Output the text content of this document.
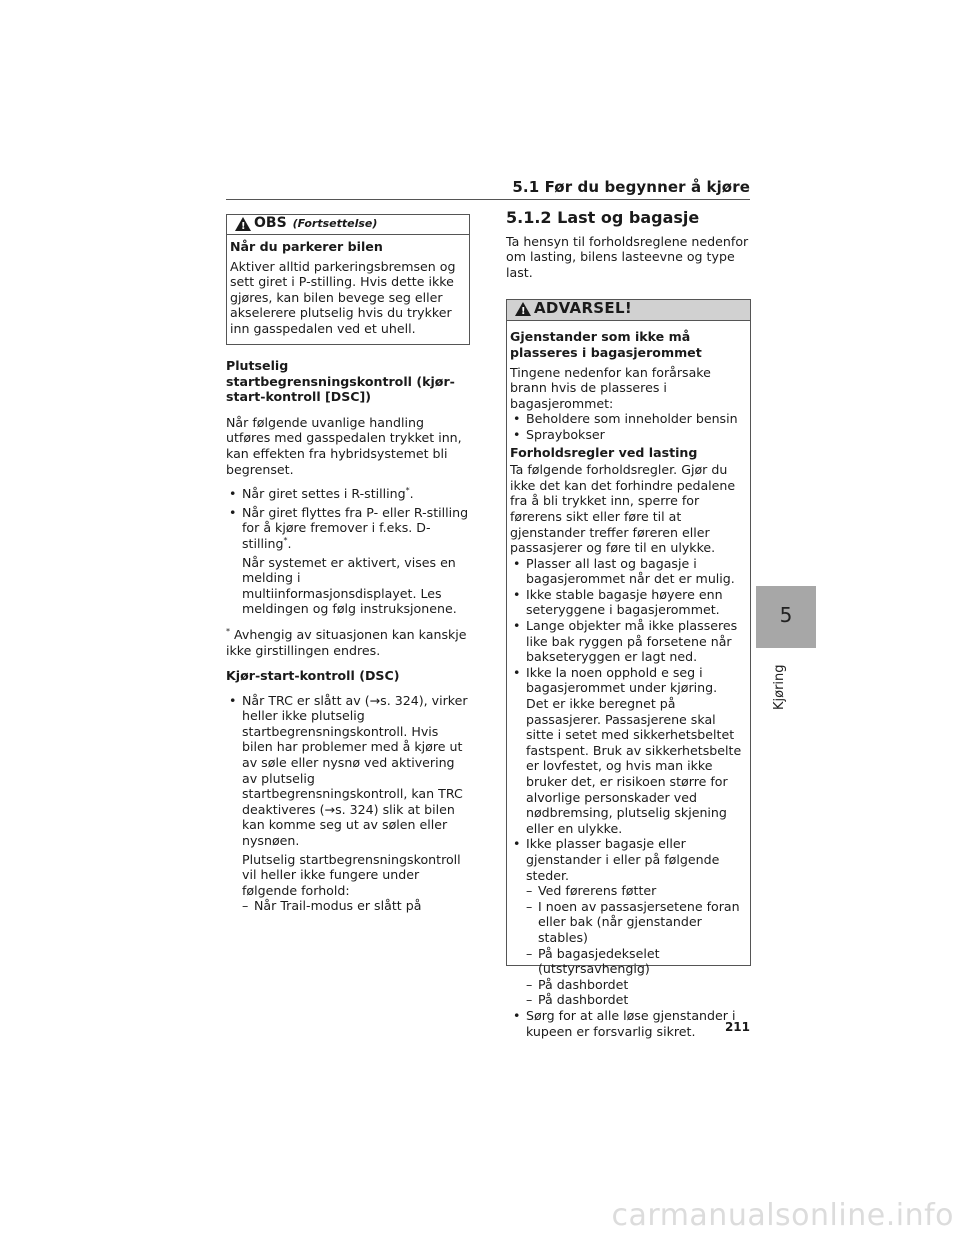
5.1 Før du begynner å kjøre
5
Kjøring
!OBS (Fortsettelse)

Når du parkerer bilen

Aktiver alltid parkeringsbremsen og sett giret i P-stilling. Hvis dette ikke gjøres, kan bilen bevege seg eller akselerere plutselig hvis du trykker inn gasspedalen ved et uhell.

Plutselig startbegrensningskontroll (kjør-start-kontroll [DSC])

Når følgende uvanlige handling utføres med gasspedalen trykket inn, kan effekten fra hybridsystemet bli begrenset.

• Når giret settes i R-stilling*.
• Når giret flyttes fra P- eller R-stilling for å kjøre fremover i f.eks. D-stilling*.

Når systemet er aktivert, vises en melding i multiinformasjonsdisplayet. Les meldingen og følg instruksjonene.

* Avhengig av situasjonen kan kanskje ikke girstillingen endres.

Kjør-start-kontroll (DSC)

• Når TRC er slått av (→s. 324), virker heller ikke plutselig startbegrensningskontroll. Hvis bilen har problemer med å kjøre ut av søle eller nysnø ved aktivering av plutselig startbegrensningskontroll, kan TRC deaktiveres (→s. 324) slik at bilen kan komme seg ut av sølen eller nysnøen.

Plutselig startbegrensningskontroll vil heller ikke fungere under følgende forhold:

– Når Trail-modus er slått på
5.1.2 Last og bagasje

Ta hensyn til forholdsreglene nedenfor om lasting, bilens lasteevne og type last.

!ADVARSEL!

Gjenstander som ikke må plasseres i bagasjerommet

Tingene nedenfor kan forårsake brann hvis de plasseres i bagasjerommet:

• Beholdere som inneholder bensin
• Spraybokser

Forholdsregler ved lasting

Ta følgende forholdsregler. Gjør du ikke det kan det forhindre pedalene fra å bli trykket inn, sperre for førerens sikt eller føre til at gjenstander treffer føreren eller passasjerer og føre til en ulykke.

• Plasser all last og bagasje i bagasjerommet når det er mulig.
• Ikke stable bagasje høyere enn seteryggene i bagasjerommet.
• Lange objekter må ikke plasseres like bak ryggen på forsetene når bakseteryggen er lagt ned.
• Ikke la noen opphold e seg i bagasjerommet under kjøring.

Det er ikke beregnet på passasjerer. Passasjerene skal sitte i setet med sikkerhetsbeltet fastspent. Bruk av sikkerhetsbelte er lovfestet, og hvis man ikke bruker det, er risikoen større for alvorlige personskader ved nødbremsing, plutselig skjening eller en ulykke.

• Ikke plasser bagasje eller gjenstander i eller på følgende steder.
– Ved førerens føtter
– I noen av passasjersetene foran eller bak (når gjenstander stables)
– På bagasjedekselet (utstyrsavhengig)
– På dashbordet
– På dashbordet
• Sørg for at alle løse gjenstander i kupeen er forsvarlig sikret.	211
carmanualsonline.info
